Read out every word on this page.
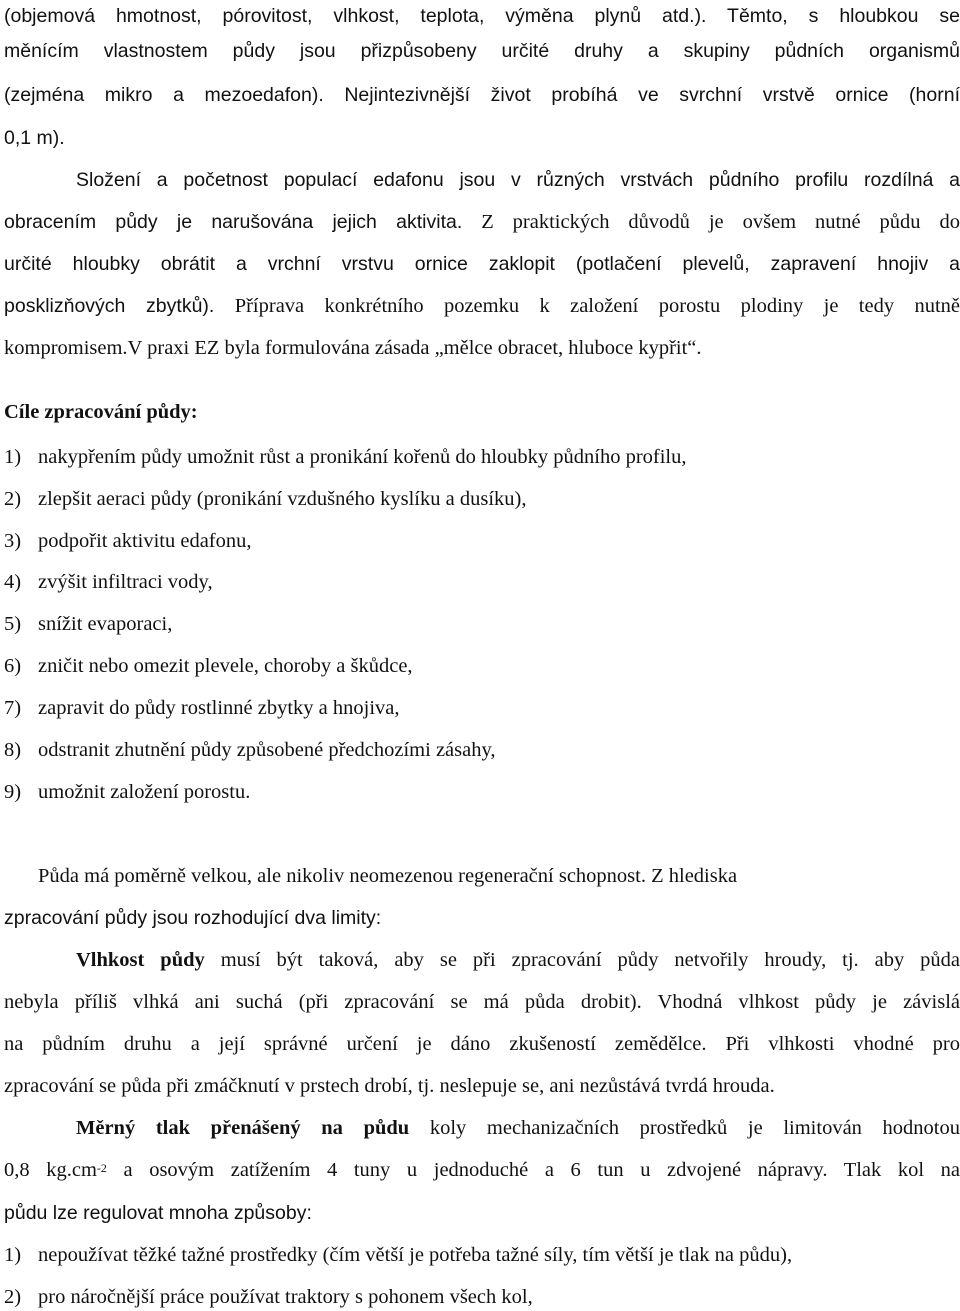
(objemová hmotnost, pórovitost, vlhkost, teplota, výměna plynů atd.). Těmto, s hloubkou se
měnícím vlastnostem půdy jsou přizpůsobeny určité druhy a skupiny půdních organismů
(zejména mikro a mezoedafon). Nejintezivnější život probíhá ve svrchní vrstvě ornice (horní
0,1 m).
Složení a početnost populací edafonu jsou v různých vrstvách půdního profilu rozdílná a
obracením půdy je narušována jejich aktivita. Z praktických důvodů je ovšem nutné půdu do
určité hloubky obrátit a vrchní vrstvu ornice zaklopit (potlačení plevelů, zapravení hnojiv a
posklizňových zbytků). Příprava konkrétního pozemku k založení porostu plodiny je tedy nutně
kompromisem.V praxi EZ byla formulována zásada „mělce obracet, hluboce kypřit“.
Cíle zpracování půdy:
1) nakypřením půdy umožnit růst a pronikání kořenů do hloubky půdního profilu,
2) zlepšit aeraci půdy (pronikání vzdušného kyslíku a dusíku),
3) podpořit aktivitu edafonu,
4) zvýšit infiltraci vody,
5) snížit evaporaci,
6) zničit nebo omezit plevele, choroby a škůdce,
7) zapravit do půdy rostlinné zbytky a hnojiva,
8) odstranit zhutnění půdy způsobené předchozími zásahy,
9) umožnit založení porostu.
Půda má poměrně velkou, ale nikoliv neomezenou regenerační schopnost. Z hlediska
zpracování půdy jsou rozhodující dva limity:
Vlhkost půdy musí být taková, aby se při zpracování půdy netvořily hroudy, tj. aby půda
nebyla příliš vlhká ani suchá (při zpracování se má půda drobit). Vhodná vlhkost půdy je závislá
na půdním druhu a její správné určení je dáno zkušeností zemědělce. Při vlhkosti vhodné pro
zpracování se půda při zmáčknutí v prstech drobí, tj. neslepuje se, ani nezůstává tvrdá hrouda.
Měrný tlak přenášený na půdu koly mechanizačních prostředků je limitován hodnotou
0,8 $kg.cm^{-2}$ a osovým zatížením 4 tuny u jednoduché a 6 tun u zdvojené nápravy. Tlak kol na
půdu lze regulovat mnoha způsoby:
1) nepoužívat těžké tažné prostředky (čím větší je potřeba tažné síly, tím větší je tlak na půdu),
2) pro náročnější práce používat traktory s pohonem všech kol,
